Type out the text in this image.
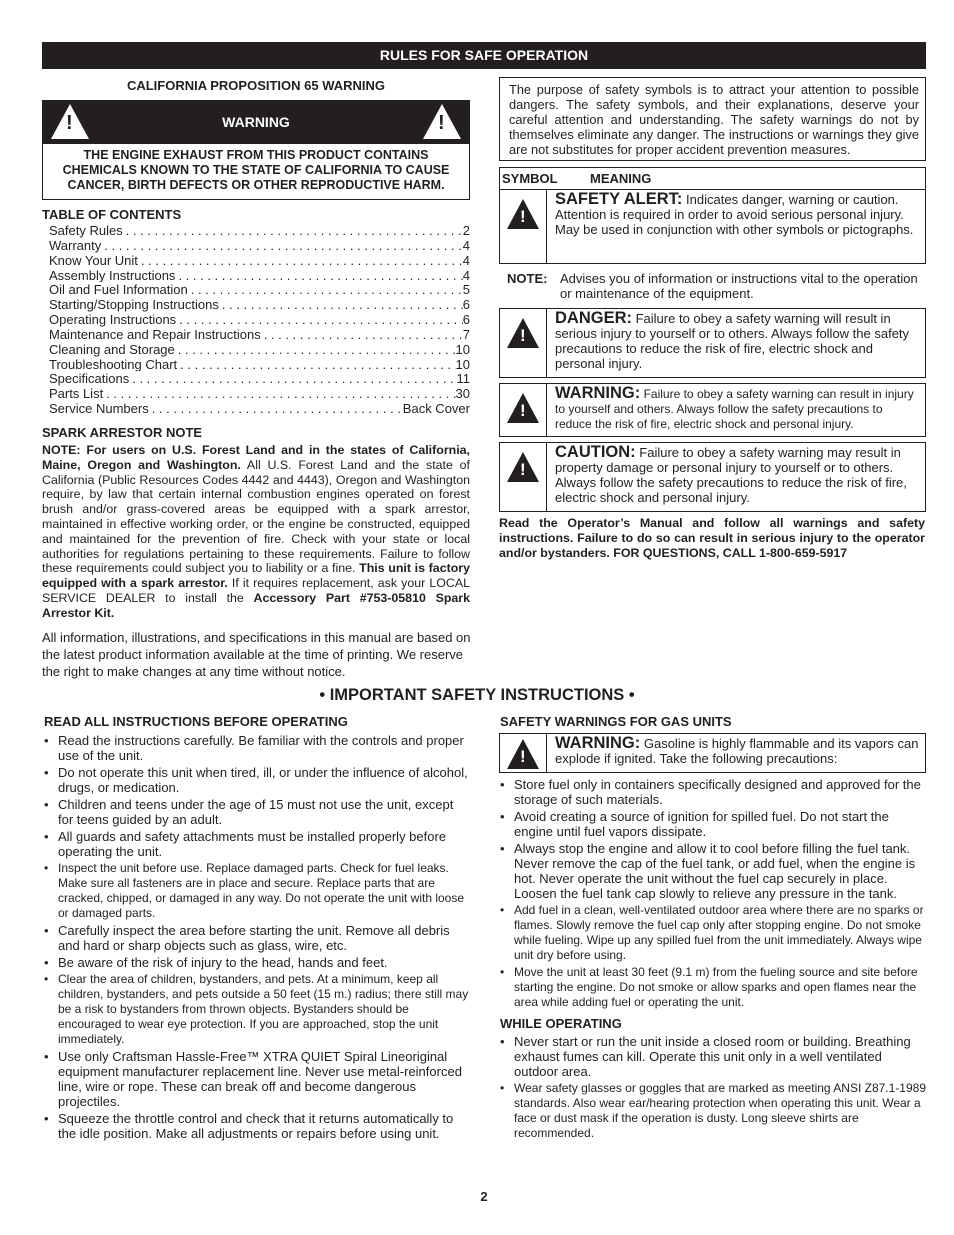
RULES FOR SAFE OPERATION
CALIFORNIA PROPOSITION 65 WARNING
!
WARNING
!
THE ENGINE EXHAUST FROM THIS PRODUCT CONTAINS CHEMICALS KNOWN TO THE STATE OF CALIFORNIA TO CAUSE CANCER, BIRTH DEFECTS OR OTHER REPRODUCTIVE HARM.
TABLE OF CONTENTS
Safety Rules . . .	2
Warranty . . .	4
Know Your Unit . . .	4
Assembly Instructions . . .	4
Oil and Fuel Information . . .	5
Starting/Stopping Instructions . . .	6
Operating Instructions . . .	6
Maintenance and Repair Instructions . . .	7
Cleaning and Storage . . .	10
Troubleshooting Chart . . .	10
Specifications . . .	11
Parts List . . .	30
Service Numbers . . .	Back Cover
SPARK ARRESTOR NOTE
NOTE: For users on U.S. Forest Land and in the states of California, Maine, Oregon and Washington. All U.S. Forest Land and the state of California (Public Resources Codes 4442 and 4443), Oregon and Washington require, by law that certain internal combustion engines operated on forest brush and/or grass-covered areas be equipped with a spark arrestor, maintained in effective working order, or the engine be constructed, equipped and maintained for the prevention of fire. Check with your state or local authorities for regulations pertaining to these requirements. Failure to follow these requirements could subject you to liability or a fine. This unit is factory equipped with a spark arrestor. If it requires replacement, ask your LOCAL SERVICE DEALER to install the Accessory Part #753-05810 Spark Arrestor Kit.
All information, illustrations, and specifications in this manual are based on the latest product information available at the time of printing. We reserve the right to make changes at any time without notice.
The purpose of safety symbols is to attract your attention to possible dangers. The safety symbols, and their explanations, deserve your careful attention and understanding. The safety warnings do not by themselves eliminate any danger. The instructions or warnings they give are not substitutes for proper accident prevention measures.
SYMBOL MEANING
!
SAFETY ALERT: Indicates danger, warning or caution. Attention is required in order to avoid serious personal injury. May be used in conjunction with other symbols or pictographs.
NOTE: Advises you of information or instructions vital to the operation or maintenance of the equipment.
!
DANGER: Failure to obey a safety warning will result in serious injury to yourself or to others. Always follow the safety precautions to reduce the risk of fire, electric shock and personal injury.
!
WARNING: Failure to obey a safety warning can result in injury to yourself and others. Always follow the safety precautions to reduce the risk of fire, electric shock and personal injury.
!
CAUTION: Failure to obey a safety warning may result in property damage or personal injury to yourself or to others. Always follow the safety precautions to reduce the risk of fire, electric shock and personal injury.
Read the Operator’s Manual and follow all warnings and safety instructions. Failure to do so can result in serious injury to the operator and/or bystanders. FOR QUESTIONS, CALL 1-800-659-5917
• IMPORTANT SAFETY INSTRUCTIONS •
READ ALL INSTRUCTIONS BEFORE OPERATING
• Read the instructions carefully. Be familiar with the controls and proper use of the unit.
• Do not operate this unit when tired, ill, or under the influence of alcohol, drugs, or medication.
• Children and teens under the age of 15 must not use the unit, except for teens guided by an adult.
• All guards and safety attachments must be installed properly before operating the unit.
• Inspect the unit before use. Replace damaged parts. Check for fuel leaks. Make sure all fasteners are in place and secure. Replace parts that are cracked, chipped, or damaged in any way. Do not operate the unit with loose or damaged parts.
• Carefully inspect the area before starting the unit. Remove all debris and hard or sharp objects such as glass, wire, etc.
• Be aware of the risk of injury to the head, hands and feet.
• Clear the area of children, bystanders, and pets. At a minimum, keep all children, bystanders, and pets outside a 50 feet (15 m.) radius; there still may be a risk to bystanders from thrown objects. Bystanders should be encouraged to wear eye protection. If you are approached, stop the unit immediately.
• Use only Craftsman Hassle-Free™ XTRA QUIET Spiral Lineoriginal equipment manufacturer replacement line. Never use metal-reinforced line, wire or rope. These can break off and become dangerous projectiles.
• Squeeze the throttle control and check that it returns automatically to the idle position. Make all adjustments or repairs before using unit.
SAFETY WARNINGS FOR GAS UNITS
!
WARNING: Gasoline is highly flammable and its vapors can explode if ignited. Take the following precautions:
• Store fuel only in containers specifically designed and approved for the storage of such materials.
• Avoid creating a source of ignition for spilled fuel. Do not start the engine until fuel vapors dissipate.
• Always stop the engine and allow it to cool before filling the fuel tank. Never remove the cap of the fuel tank, or add fuel, when the engine is hot. Never operate the unit without the fuel cap securely in place. Loosen the fuel tank cap slowly to relieve any pressure in the tank.
• Add fuel in a clean, well-ventilated outdoor area where there are no sparks or flames. Slowly remove the fuel cap only after stopping engine. Do not smoke while fueling. Wipe up any spilled fuel from the unit immediately. Always wipe unit dry before using.
• Move the unit at least 30 feet (9.1 m) from the fueling source and site before starting the engine. Do not smoke or allow sparks and open flames near the area while adding fuel or operating the unit.
WHILE OPERATING
• Never start or run the unit inside a closed room or building. Breathing exhaust fumes can kill. Operate this unit only in a well ventilated outdoor area.
• Wear safety glasses or goggles that are marked as meeting ANSI Z87.1-1989 standards. Also wear ear/hearing protection when operating this unit. Wear a face or dust mask if the operation is dusty. Long sleeve shirts are recommended.
2
